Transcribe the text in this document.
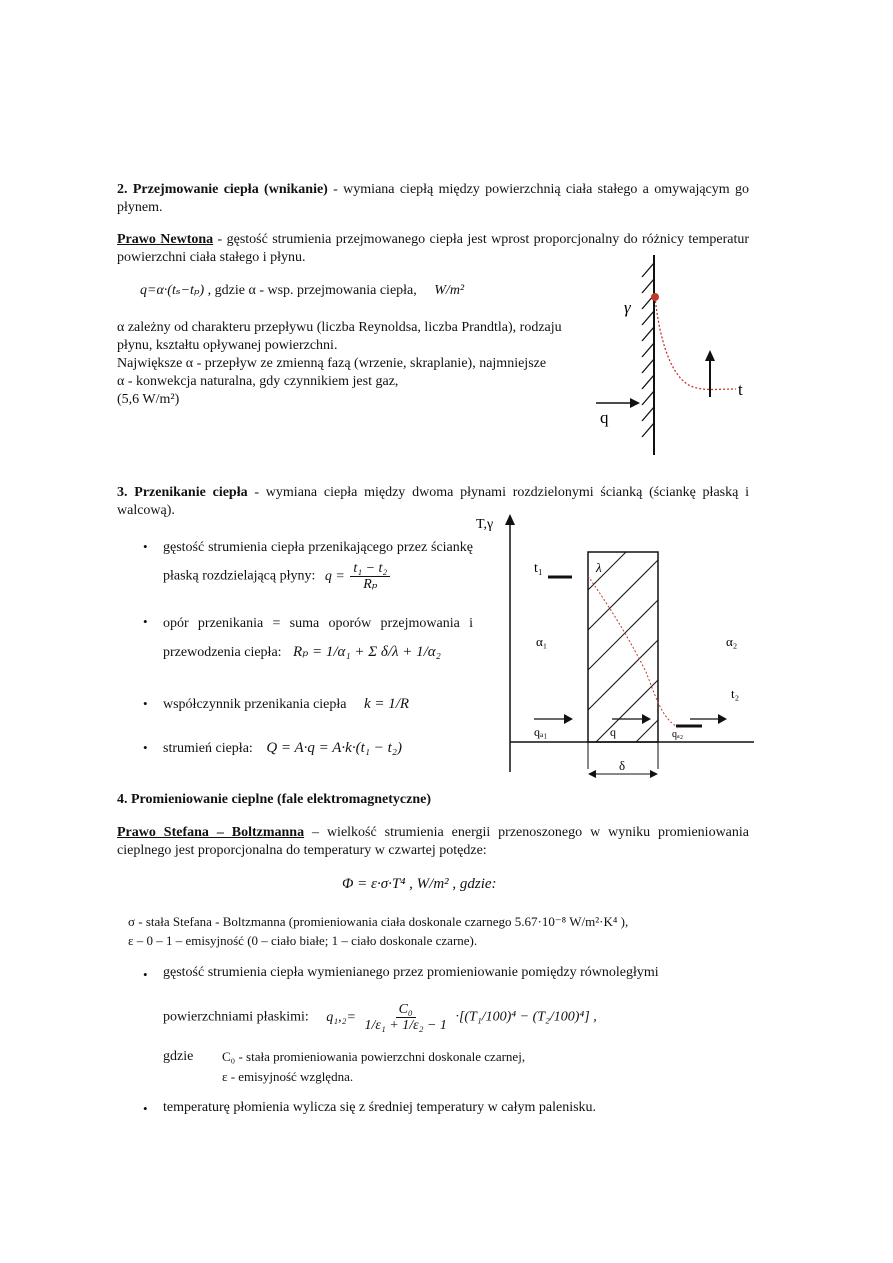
2. Przejmowanie ciepła (wnikanie) - wymiana ciepłą między powierzchnią ciała stałego a omywającym go płynem.
Prawo Newtona - gęstość strumienia przejmowanego ciepła jest wprost proporcjonalny do różnicy temperatur powierzchni ciała stałego i płynu.
q=α·(tₛ−tₚ) , gdzie α - wsp. przejmowania ciepła, W/m²
α zależny od charakteru przepływu (liczba Reynoldsa, liczba Prandtla), rodzaju płynu, kształtu opływanej powierzchni.
Największe α - przepływ ze zmienną fazą (wrzenie, skraplanie), najmniejsze
α - konwekcja naturalna, gdy czynnikiem jest gaz,
(5,6 W/m²)
γ
t
q
3. Przenikanie ciepła - wymiana ciepła między dwoma płynami rozdzielonymi ścianką (ściankę płaską i walcową).
• gęstość strumienia ciepła przenikającego przez ściankę płaską rozdzielającą płyny: $q = \frac{\text{t₁ − t₂}}{\text{Rₚ}}$
• opór przenikania = suma oporów przejmowania i przewodzenia ciepła: Rₚ = 1/α₁ + Σ δ/λ + 1/α₂
• współczynnik przenikania ciepła k = 1/R
• strumień ciepła: Q = A·q = A·k·(t₁ − t₂)
T,γ
δ
t₁	λ
α₁	α₂
t₂
qₐ₁	q	qₐ₂
4. Promieniowanie cieplne (fale elektromagnetyczne)
Prawo Stefana – Boltzmanna – wielkość strumienia energii przenoszonego w wyniku promieniowania cieplnego jest proporcjonalna do temperatury w czwartej potędze:
Φ = ε·σ·T⁴ , W/m² , gdzie:
σ - stała Stefana - Boltzmanna (promieniowania ciała doskonale czarnego 5.67·10⁻⁸ W/m²·K⁴ ),
ε – 0 – 1 – emisyjność (0 – ciało białe; 1 – ciało doskonale czarne).
• gęstość strumienia ciepła wymienianego przez promieniowanie pomiędzy równoległymi
powierzchniami płaskimi: $q_1,_2= \frac{\text{C₀}}{\text{1/ε₁ + 1/ε₂ − 1}} \cdot[(T_1/100)^4 - (T_2/100)^4]$ ,
gdzie C₀ - stała promieniowania powierzchni doskonale czarnej,
ε - emisyjność względna.
• temperaturę płomienia wylicza się z średniej temperatury w całym palenisku.
